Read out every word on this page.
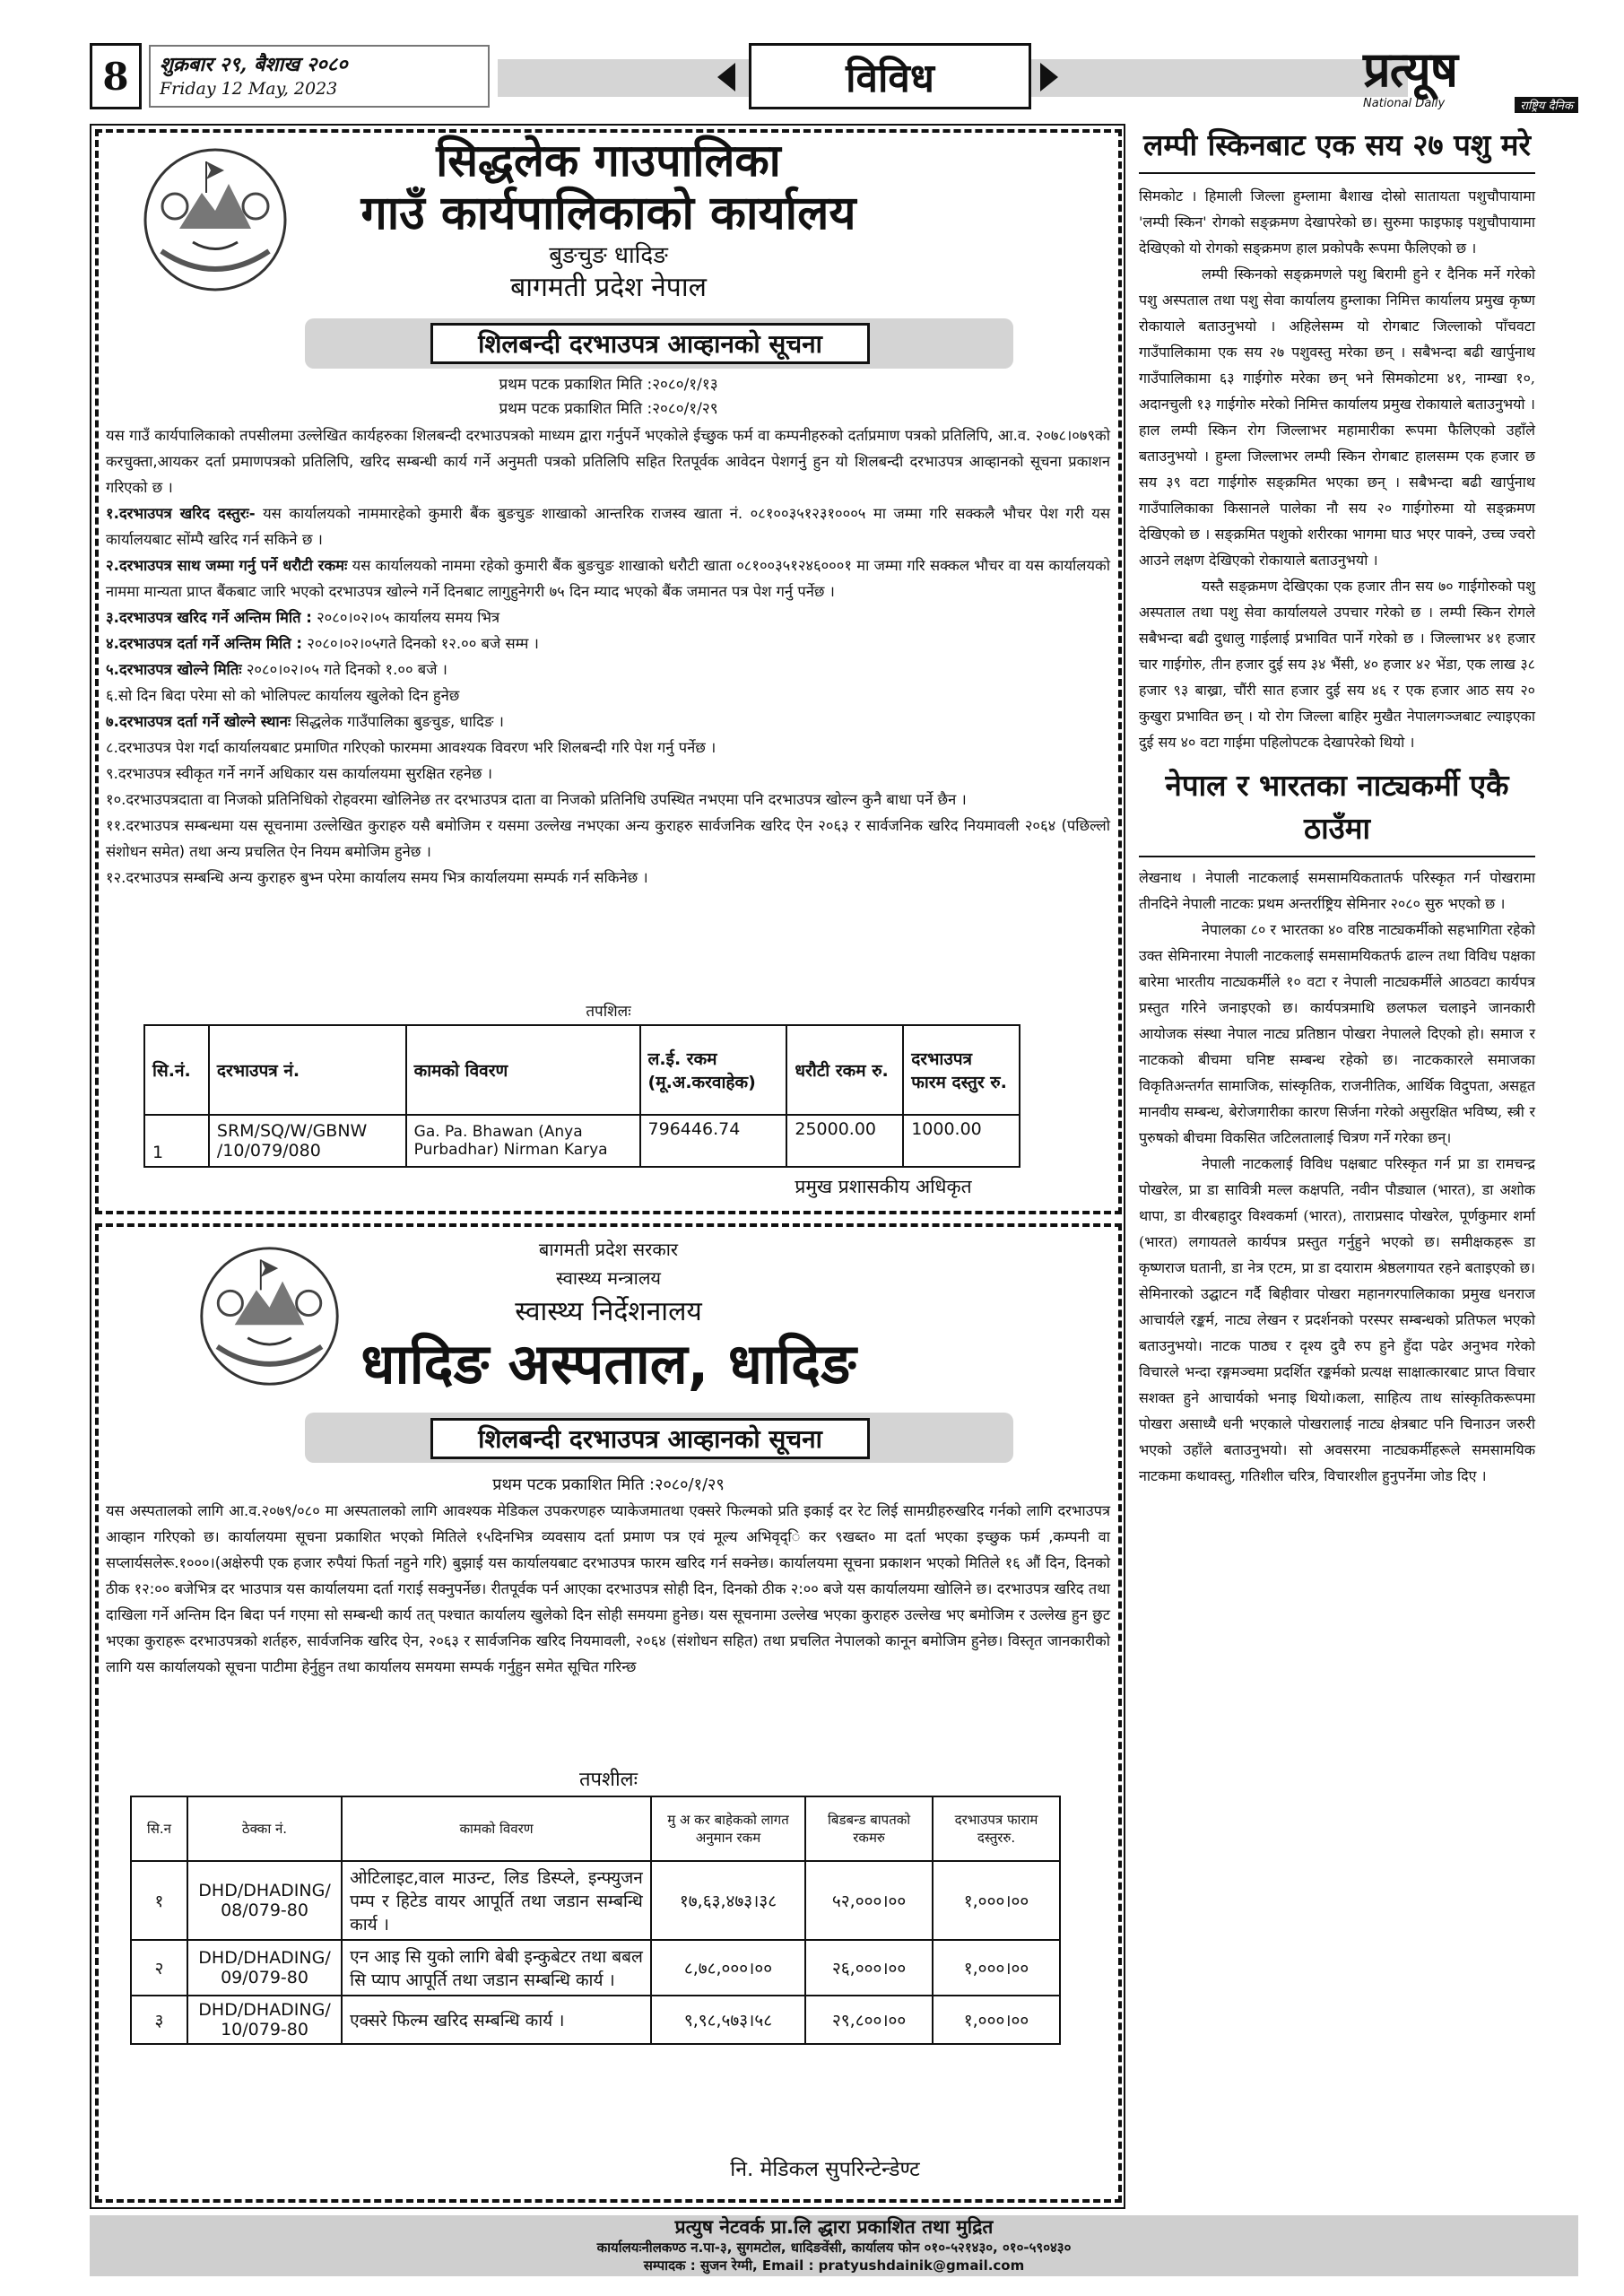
8	शुक्रबार २९, बैशाख २०८०
Friday 12 May, 2023	विविध	प्रत्यूष
National Daily	राष्ट्रिय दैनिक
सिद्धलेक गाउपालिका
गाउँ कार्यपालिकाको कार्यालय
बुङचुङ धादिङ
बागमती प्रदेश नेपाल
शिलबन्दी दरभाउपत्र आव्हानको सूचना
प्रथम पटक प्रकाशित मिति :२०८०/१/१३
प्रथम पटक प्रकाशित मिति :२०८०/१/२९

यस गाउँ कार्यपालिकाको तपसीलमा उल्लेखित कार्यहरुका शिलबन्दी दरभाउपत्रको माध्यम द्वारा गर्नुपर्ने भएकोले ईच्छुक फर्म वा कम्पनीहरुको दर्ताप्रमाण पत्रको प्रतिलिपि, आ.व. २०७८।०७९को करचुक्ता,आयकर दर्ता प्रमाणपत्रको प्रतिलिपि, खरिद सम्बन्धी कार्य गर्ने अनुमती पत्रको प्रतिलिपि सहित रितपूर्वक आवेदन पेशगर्नु हुन यो शिलबन्दी दरभाउपत्र आव्हानको सूचना प्रकाशन गरिएको छ ।

१.दरभाउपत्र खरिद दस्तुरः- यस कार्यालयको नाममारहेको कुमारी बैंक बुङचुङ शाखाको आन्तरिक राजस्व खाता नं. ०८१००३५१२३१०००५ मा जम्मा गरि सक्कलै भौचर पेश गरी यस कार्यालयबाट सोंम्पै खरिद गर्न सकिने छ ।

२.दरभाउपत्र साथ जम्मा गर्नु पर्ने धरौटी रकमः यस कार्यालयको नाममा रहेको कुमारी बैंक बुङचुङ शाखाको धरौटी खाता ०८१००३५१२४६०००१ मा जम्मा गरि सक्कल भौचर वा यस कार्यालयको नाममा मान्यता प्राप्त बैंकबाट जारि भएको दरभाउपत्र खोल्ने गर्ने दिनबाट लागुहुनेगरी ७५ दिन म्याद भएको बैंक जमानत पत्र पेश गर्नु पर्नेछ ।

३.दरभाउपत्र खरिद गर्ने अन्तिम मिति : २०८०।०२।०५ कार्यालय समय भित्र

४.दरभाउपत्र दर्ता गर्ने अन्तिम मिति : २०८०।०२।०५गते दिनको १२.०० बजे सम्म ।

५.दरभाउपत्र खोल्ने मितिः २०८०।०२।०५ गते दिनको १.०० बजे ।

६.सो दिन बिदा परेमा सो को भोलिपल्ट कार्यालय खुलेको दिन हुनेछ

७.दरभाउपत्र दर्ता गर्ने खोल्ने स्थानः सिद्धलेक गाउँपालिका बुङचुङ, धादिङ ।

८.दरभाउपत्र पेश गर्दा कार्यालयबाट प्रमाणित गरिएको फारममा आवश्यक विवरण भरि शिलबन्दी गरि पेश गर्नु पर्नेछ ।

९.दरभाउपत्र स्वीकृत गर्ने नगर्ने अधिकार यस कार्यालयमा सुरक्षित रहनेछ ।

१०.दरभाउपत्रदाता वा निजको प्रतिनिधिको रोहवरमा खोलिनेछ तर दरभाउपत्र दाता वा निजको प्रतिनिधि उपस्थित नभएमा पनि दरभाउपत्र खोल्न कुनै बाधा पर्ने छैन ।

११.दरभाउपत्र सम्बन्धमा यस सूचनामा उल्लेखित कुराहरु यसै बमोजिम र यसमा उल्लेख नभएका अन्य कुराहरु सार्वजनिक खरिद ऐन २०६३ र सार्वजनिक खरिद नियमावली २०६४ (पछिल्लो संशोधन समेत) तथा अन्य प्रचलित ऐन नियम बमोजिम हुनेछ ।

१२.दरभाउपत्र सम्बन्धि अन्य कुराहरु बुभ्न परेमा कार्यालय समय भित्र कार्यालयमा सम्पर्क गर्न सकिनेछ ।

तपशिलः
सि.नं.	दरभाउपत्र नं.	कामको विवरण	ल.ई. रकम (मू.अ.करवाहेक)	धरौटी रकम रु.	दरभाउपत्र फारम दस्तुर रु.
1	SRM/SQ/W/GBNW /10/079/080	Ga. Pa. Bhawan (Anya Purbadhar) Nirman Karya	796446.74	25000.00	1000.00
प्रमुख प्रशासकीय अधिकृत
बागमती प्रदेश सरकार
स्वास्थ्य मन्त्रालय
स्वास्थ्य निर्देशनालय
धादिङ अस्पताल, धादिङ
शिलबन्दी दरभाउपत्र आव्हानको सूचना
प्रथम पटक प्रकाशित मिति :२०८०/१/२९
यस अस्पतालको लागि आ.व.२०७९/०८० मा अस्पतालको लागि आवश्यक मेडिकल उपकरणहरु प्याकेजमातथा एक्सरे फिल्मको प्रति इकाई दर रेट लिई सामग्रीहरुखरिद गर्नको लागि दरभाउपत्र आव्हान गरिएको छ। कार्यालयमा सूचना प्रकाशित भएको मितिले १५दिनभित्र व्यवसाय दर्ता प्रमाण पत्र एवं मूल्य अभिवृद्‍ि कर ९खब्त० मा दर्ता भएका इच्छुक फर्म ,कम्पनी वा सप्लार्यसलेरू.१०००।(अक्षेरुपी एक हजार रुपैयां फिर्ता नहुने गरि) बुझाई यस कार्यालयबाट दरभाउपत्र फारम खरिद गर्न सक्नेछ। कार्यालयमा सूचना प्रकाशन भएको मितिले १६ औं दिन, दिनको ठीक १२:०० बजेभित्र दर भाउपात्र यस कार्यालयमा दर्ता गराई सक्नुपर्नेछ। रीतपूर्वक पर्न आएका दरभाउपत्र सोही दिन, दिनको ठीक २:०० बजे यस कार्यालयमा खोलिने छ। दरभाउपत्र खरिद तथा दाखिला गर्ने अन्तिम दिन बिदा पर्न गएमा सो सम्बन्धी कार्य तत् पश्चात कार्यालय खुलेको दिन सोही समयमा हुनेछ। यस सूचनामा उल्लेख भएका कुराहरु उल्लेख भए बमोजिम र उल्लेख हुन छुट भएका कुराहरू दरभाउपत्रको शर्तहरु, सार्वजनिक खरिद ऐन, २०६३ र सार्वजनिक खरिद नियमावली, २०६४ (संशोधन सहित) तथा प्रचलित नेपालको कानून बमोजिम हुनेछ। विस्तृत जानकारीको लागि यस कार्यालयको सूचना पाटीमा हेर्नुहुन तथा कार्यालय समयमा सम्पर्क गर्नुहुन समेत सूचित गरिन्छ
तपशीलः
सि.न	ठेक्का नं.	कामको विवरण	मु अ कर बाहेकको लागत अनुमान रकम	बिडबन्ड बापतको रकमरु	दरभाउपत्र फाराम दस्तुररु.
१	DHD/DHADING/ 08/079-80	ओटिलाइट,वाल माउन्ट, लिड डिस्प्ले, इन्फ्युजन पम्प र हिटेड वायर आपूर्ति तथा जडान सम्बन्धि कार्य ।	१७,६३,४७३।३८	५२,०००।००	१,०००।००
२	DHD/DHADING/ 09/079-80	एन आइ सि युको लागि बेबी इन्कुबेटर तथा बबल सि प्याप आपूर्ति तथा जडान सम्बन्धि कार्य ।	८,७८,०००।००	२६,०००।००	१,०००।००
३	DHD/DHADING/ 10/079-80	एक्सरे फिल्म खरिद सम्बन्धि कार्य ।	९,९८,५७३।५८	२९,८००।००	१,०००।००
नि. मेडिकल सुपरिन्टेन्डेण्ट
लम्पी स्किनबाट एक सय २७ पशु मरे

सिमकोट । हिमाली जिल्ला हुम्लामा बैशाख दोस्रो सातायता पशुचौपायामा 'लम्पी स्किन' रोगको सङ्क्रमण देखापरेको छ। सुरुमा फाइफाइ पशुचौपायामा देखिएको यो रोगको सङ्क्रमण हाल प्रकोपकै रूपमा फैलिएको छ ।

लम्पी स्किनको सङ्क्रमणले पशु बिरामी हुने र दैनिक मर्ने गरेको पशु अस्पताल तथा पशु सेवा कार्यालय हुम्लाका निमित्त कार्यालय प्रमुख कृष्ण रोकायाले बताउनुभयो । अहिलेसम्म यो रोगबाट जिल्लाको पाँचवटा गाउँपालिकामा एक सय २७ पशुवस्तु मरेका छन् । सबैभन्दा बढी खार्पुनाथ गाउँपालिकामा ६३ गाईगोरु मरेका छन् भने सिमकोटमा ४१, नाम्खा १०, अदानचुली १३ गाईगोरु मरेको निमित्त कार्यालय प्रमुख रोकायाले बताउनुभयो । हाल लम्पी स्किन रोग जिल्लाभर महामारीका रूपमा फैलिएको उहाँले बताउनुभयो । हुम्ला जिल्लाभर लम्पी स्किन रोगबाट हालसम्म एक हजार छ सय ३९ वटा गाईगोरु सङ्क्रमित भएका छन् । सबैभन्दा बढी खार्पुनाथ गाउँपालिकाका किसानले पालेका नौ सय २० गाईगोरुमा यो सङ्क्रमण देखिएको छ । सङ्क्रमित पशुको शरीरका भागमा घाउ भएर पाक्ने, उच्च ज्वरो आउने लक्षण देखिएको रोकायाले बताउनुभयो ।

यस्तै सङ्क्रमण देखिएका एक हजार तीन सय ७० गाईगोरुको पशु अस्पताल तथा पशु सेवा कार्यालयले उपचार गरेको छ । लम्पी स्किन रोगले सबैभन्दा बढी दुधालु गाईलाई प्रभावित पार्ने गरेको छ । जिल्लाभर ४१ हजार चार गाईगोरु, तीन हजार दुई सय ३४ भैंसी, ४० हजार ४२ भेंडा, एक लाख ३८ हजार ९३ बाख्रा, चौंरी सात हजार दुई सय ४६ र एक हजार आठ सय २० कुखुरा प्रभावित छन् । यो रोग जिल्ला बाहिर मुखैत नेपालगञ्जबाट ल्याइएका दुई सय ४० वटा गाईमा पहिलोपटक देखापरेको थियो ।

नेपाल र भारतका नाट्यकर्मी एकै ठाउँमा

लेखनाथ । नेपाली नाटकलाई समसामयिकतातर्फ परिस्कृत गर्न पोखरामा तीनदिने नेपाली नाटकः प्रथम अन्तर्राष्ट्रिय सेमिनार २०८० सुरु भएको छ ।

नेपालका ८० र भारतका ४० वरिष्ठ नाट्यकर्मीको सहभागिता रहेको उक्त सेमिनारमा नेपाली नाटकलाई समसामयिकतर्फ ढाल्न तथा विविध पक्षका बारेमा भारतीय नाट्यकर्मीले १० वटा र नेपाली नाट्यकर्मीले आठवटा कार्यपत्र प्रस्तुत गरिने जनाइएको छ। कार्यपत्रमाथि छलफल चलाइने जानकारी आयोजक संस्था नेपाल नाट्य प्रतिष्ठान पोखरा नेपालले दिएको हो। समाज र नाटकको बीचमा घनिष्ट सम्बन्ध रहेको छ। नाटककारले समाजका विकृतिअन्तर्गत सामाजिक, सांस्कृतिक, राजनीतिक, आर्थिक विदुपता, असहृत मानवीय सम्बन्ध, बेरोजगारीका कारण सिर्जना गरेको असुरक्षित भविष्य, स्त्री र पुरुषको बीचमा विकसित जटिलतालाई चित्रण गर्ने गरेका छन्।

नेपाली नाटकलाई विविध पक्षबाट परिस्कृत गर्न प्रा डा रामचन्द्र पोखरेल, प्रा डा सावित्री मल्ल कक्षपति, नवीन पौड्याल (भारत), डा अशोक थापा, डा वीरबहादुर विश्वकर्मा (भारत), ताराप्रसाद पोखरेल, पूर्णकुमार शर्मा (भारत) लगायतले कार्यपत्र प्रस्तुत गर्नुहुने भएको छ। समीक्षकहरू डा कृष्णराज घतानी, डा नेत्र एटम, प्रा डा दयाराम श्रेष्ठलगायत रहने बताइएको छ। सेमिनारको उद्घाटन गर्दै बिहीवार पोखरा महानगरपालिकाका प्रमुख धनराज आचार्यले रङ्कर्म, नाट्य लेखन र प्रदर्शनको परस्पर सम्बन्धको प्रतिफल भएको बताउनुभयो। नाटक पाठ्य र दृश्य दुवै रुप हुने हुँदा पढेर अनुभव गरेको विचारले भन्दा रङ्गमञ्चमा प्रदर्शित रङ्कर्मको प्रत्यक्ष साक्षात्कारबाट प्राप्त विचार सशक्त हुने आचार्यको भनाइ थियो।कला, साहित्य ताथ सांस्कृतिकरूपमा पोखरा असाध्यै धनी भएकाले पोखरालाई नाट्य क्षेत्रबाट पनि चिनाउन जरुरी भएको उहाँले बताउनुभयो। सो अवसरमा नाट्यकर्मीहरूले समसामयिक नाटकमा कथावस्तु, गतिशील चरित्र, विचारशील हुनुपर्नेमा जोड दिए ।

प्रत्युष नेटवर्क प्रा.लि द्धारा प्रकाशित तथा मुद्रित
कार्यालयःनीलकण्ठ न.पा-३, सुगमटोल, धादिङवेंसी, कार्यालय फोन ०१०-५२१४३०, ०१०-५९०४३०
सम्पादक : सुजन रेग्मी, Email : pratyushdainik@gmail.com
